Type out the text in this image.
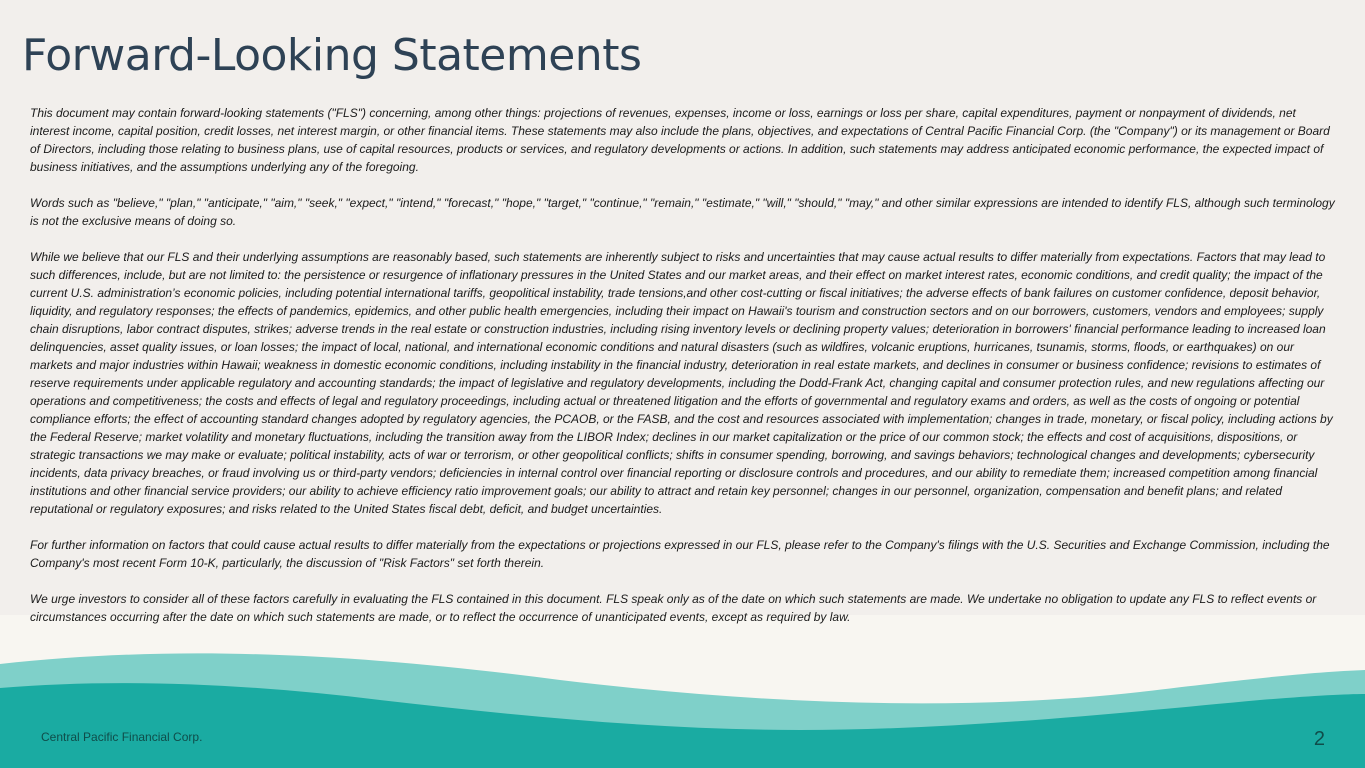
Forward-Looking Statements

This document may contain forward-looking statements ("FLS") concerning, among other things: projections of revenues, expenses, income or loss, earnings or loss per share, capital expenditures, payment or nonpayment of dividends, net interest income, capital position, credit losses, net interest margin, or other financial items. These statements may also include the plans, objectives, and expectations of Central Pacific Financial Corp. (the "Company") or its management or Board of Directors, including those relating to business plans, use of capital resources, products or services, and regulatory developments or actions. In addition, such statements may address anticipated economic performance, the expected impact of business initiatives, and the assumptions underlying any of the foregoing.

Words such as "believe," "plan," "anticipate," "aim," "seek," "expect," "intend," "forecast," "hope," "target," "continue," "remain," "estimate," "will," "should," "may," and other similar expressions are intended to identify FLS, although such terminology is not the exclusive means of doing so.

While we believe that our FLS and their underlying assumptions are reasonably based, such statements are inherently subject to risks and uncertainties that may cause actual results to differ materially from expectations. Factors that may lead to such differences, include, but are not limited to: the persistence or resurgence of inflationary pressures in the United States and our market areas, and their effect on market interest rates, economic conditions, and credit quality; the impact of the current U.S. administration’s economic policies, including potential international tariffs, geopolitical instability, trade tensions,and other cost-cutting or fiscal initiatives; the adverse effects of bank failures on customer confidence, deposit behavior, liquidity, and regulatory responses; the effects of pandemics, epidemics, and other public health emergencies, including their impact on Hawaii's tourism and construction sectors and on our borrowers, customers, vendors and employees; supply chain disruptions, labor contract disputes, strikes; adverse trends in the real estate or construction industries, including rising inventory levels or declining property values; deterioration in borrowers' financial performance leading to increased loan delinquencies, asset quality issues, or loan losses; the impact of local, national, and international economic conditions and natural disasters (such as wildfires, volcanic eruptions, hurricanes, tsunamis, storms, floods, or earthquakes) on our markets and major industries within Hawaii; weakness in domestic economic conditions, including instability in the financial industry, deterioration in real estate markets, and declines in consumer or business confidence; revisions to estimates of reserve requirements under applicable regulatory and accounting standards; the impact of legislative and regulatory developments, including the Dodd-Frank Act, changing capital and consumer protection rules, and new regulations affecting our operations and competitiveness; the costs and effects of legal and regulatory proceedings, including actual or threatened litigation and the efforts of governmental and regulatory exams and orders, as well as the costs of ongoing or potential compliance efforts; the effect of accounting standard changes adopted by regulatory agencies, the PCAOB, or the FASB, and the cost and resources associated with implementation; changes in trade, monetary, or fiscal policy, including actions by the Federal Reserve; market volatility and monetary fluctuations, including the transition away from the LIBOR Index; declines in our market capitalization or the price of our common stock; the effects and cost of acquisitions, dispositions, or strategic transactions we may make or evaluate; political instability, acts of war or terrorism, or other geopolitical conflicts; shifts in consumer spending, borrowing, and savings behaviors; technological changes and developments; cybersecurity incidents, data privacy breaches, or fraud involving us or third-party vendors; deficiencies in internal control over financial reporting or disclosure controls and procedures, and our ability to remediate them; increased competition among financial institutions and other financial service providers; our ability to achieve efficiency ratio improvement goals; our ability to attract and retain key personnel; changes in our personnel, organization, compensation and benefit plans; and related reputational or regulatory exposures; and risks related to the United States fiscal debt, deficit, and budget uncertainties.

For further information on factors that could cause actual results to differ materially from the expectations or projections expressed in our FLS, please refer to the Company's filings with the U.S. Securities and Exchange Commission, including the Company's most recent Form 10-K, particularly, the discussion of "Risk Factors" set forth therein.

We urge investors to consider all of these factors carefully in evaluating the FLS contained in this document. FLS speak only as of the date on which such statements are made. We undertake no obligation to update any FLS to reflect events or circumstances occurring after the date on which such statements are made, or to reflect the occurrence of unanticipated events, except as required by law.

Central Pacific Financial Corp.	2
